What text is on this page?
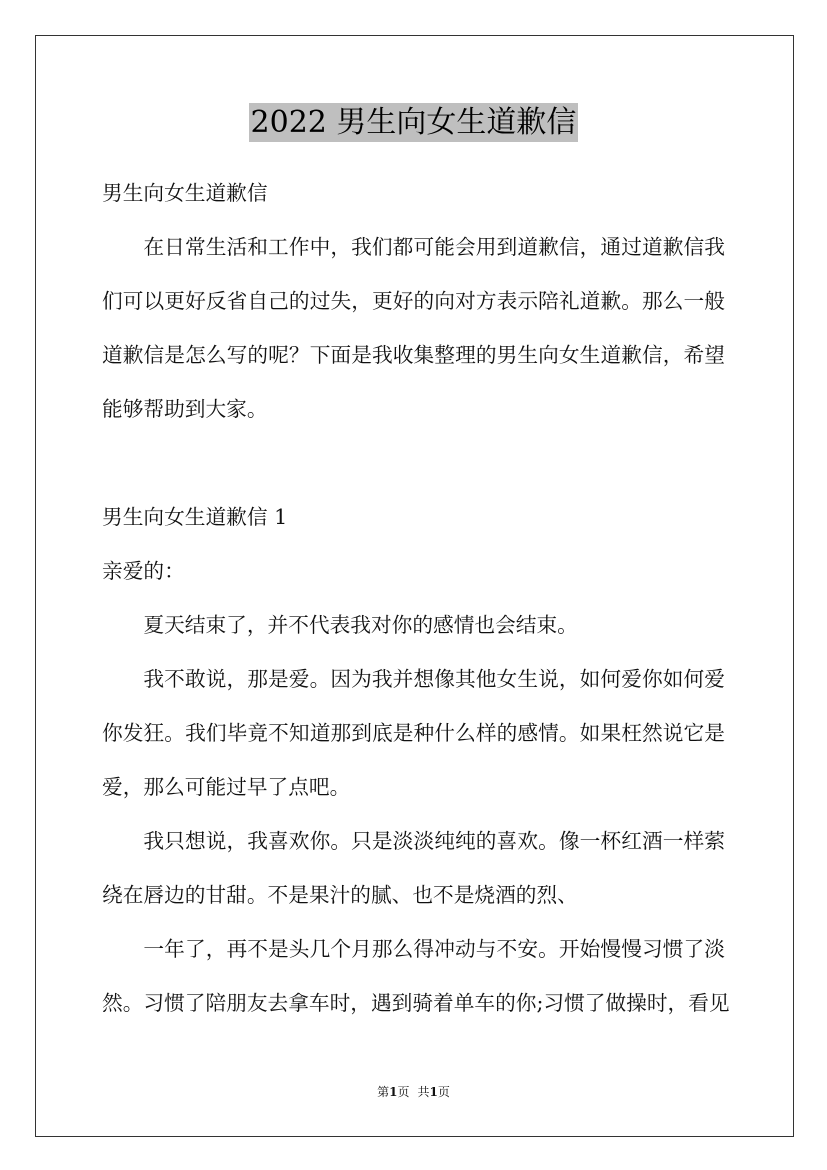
2022 男生向女生道歉信
男生向女生道歉信
在日常生活和工作中，我们都可能会用到道歉信，通过道歉信我
们可以更好反省自己的过失，更好的向对方表示陪礼道歉。那么一般
道歉信是怎么写的呢？下面是我收集整理的男生向女生道歉信，希望
能够帮助到大家。
男生向女生道歉信 1
亲爱的：
夏天结束了，并不代表我对你的感情也会结束。
我不敢说，那是爱。因为我并想像其他女生说，如何爱你如何爱
你发狂。我们毕竟不知道那到底是种什么样的感情。如果枉然说它是
爱，那么可能过早了点吧。
我只想说，我喜欢你。只是淡淡纯纯的喜欢。像一杯红酒一样萦
绕在唇边的甘甜。不是果汁的腻、也不是烧酒的烈、
一年了，再不是头几个月那么得冲动与不安。开始慢慢习惯了淡
然。习惯了陪朋友去拿车时，遇到骑着单车的你;习惯了做操时，看见
第1页 共1页
